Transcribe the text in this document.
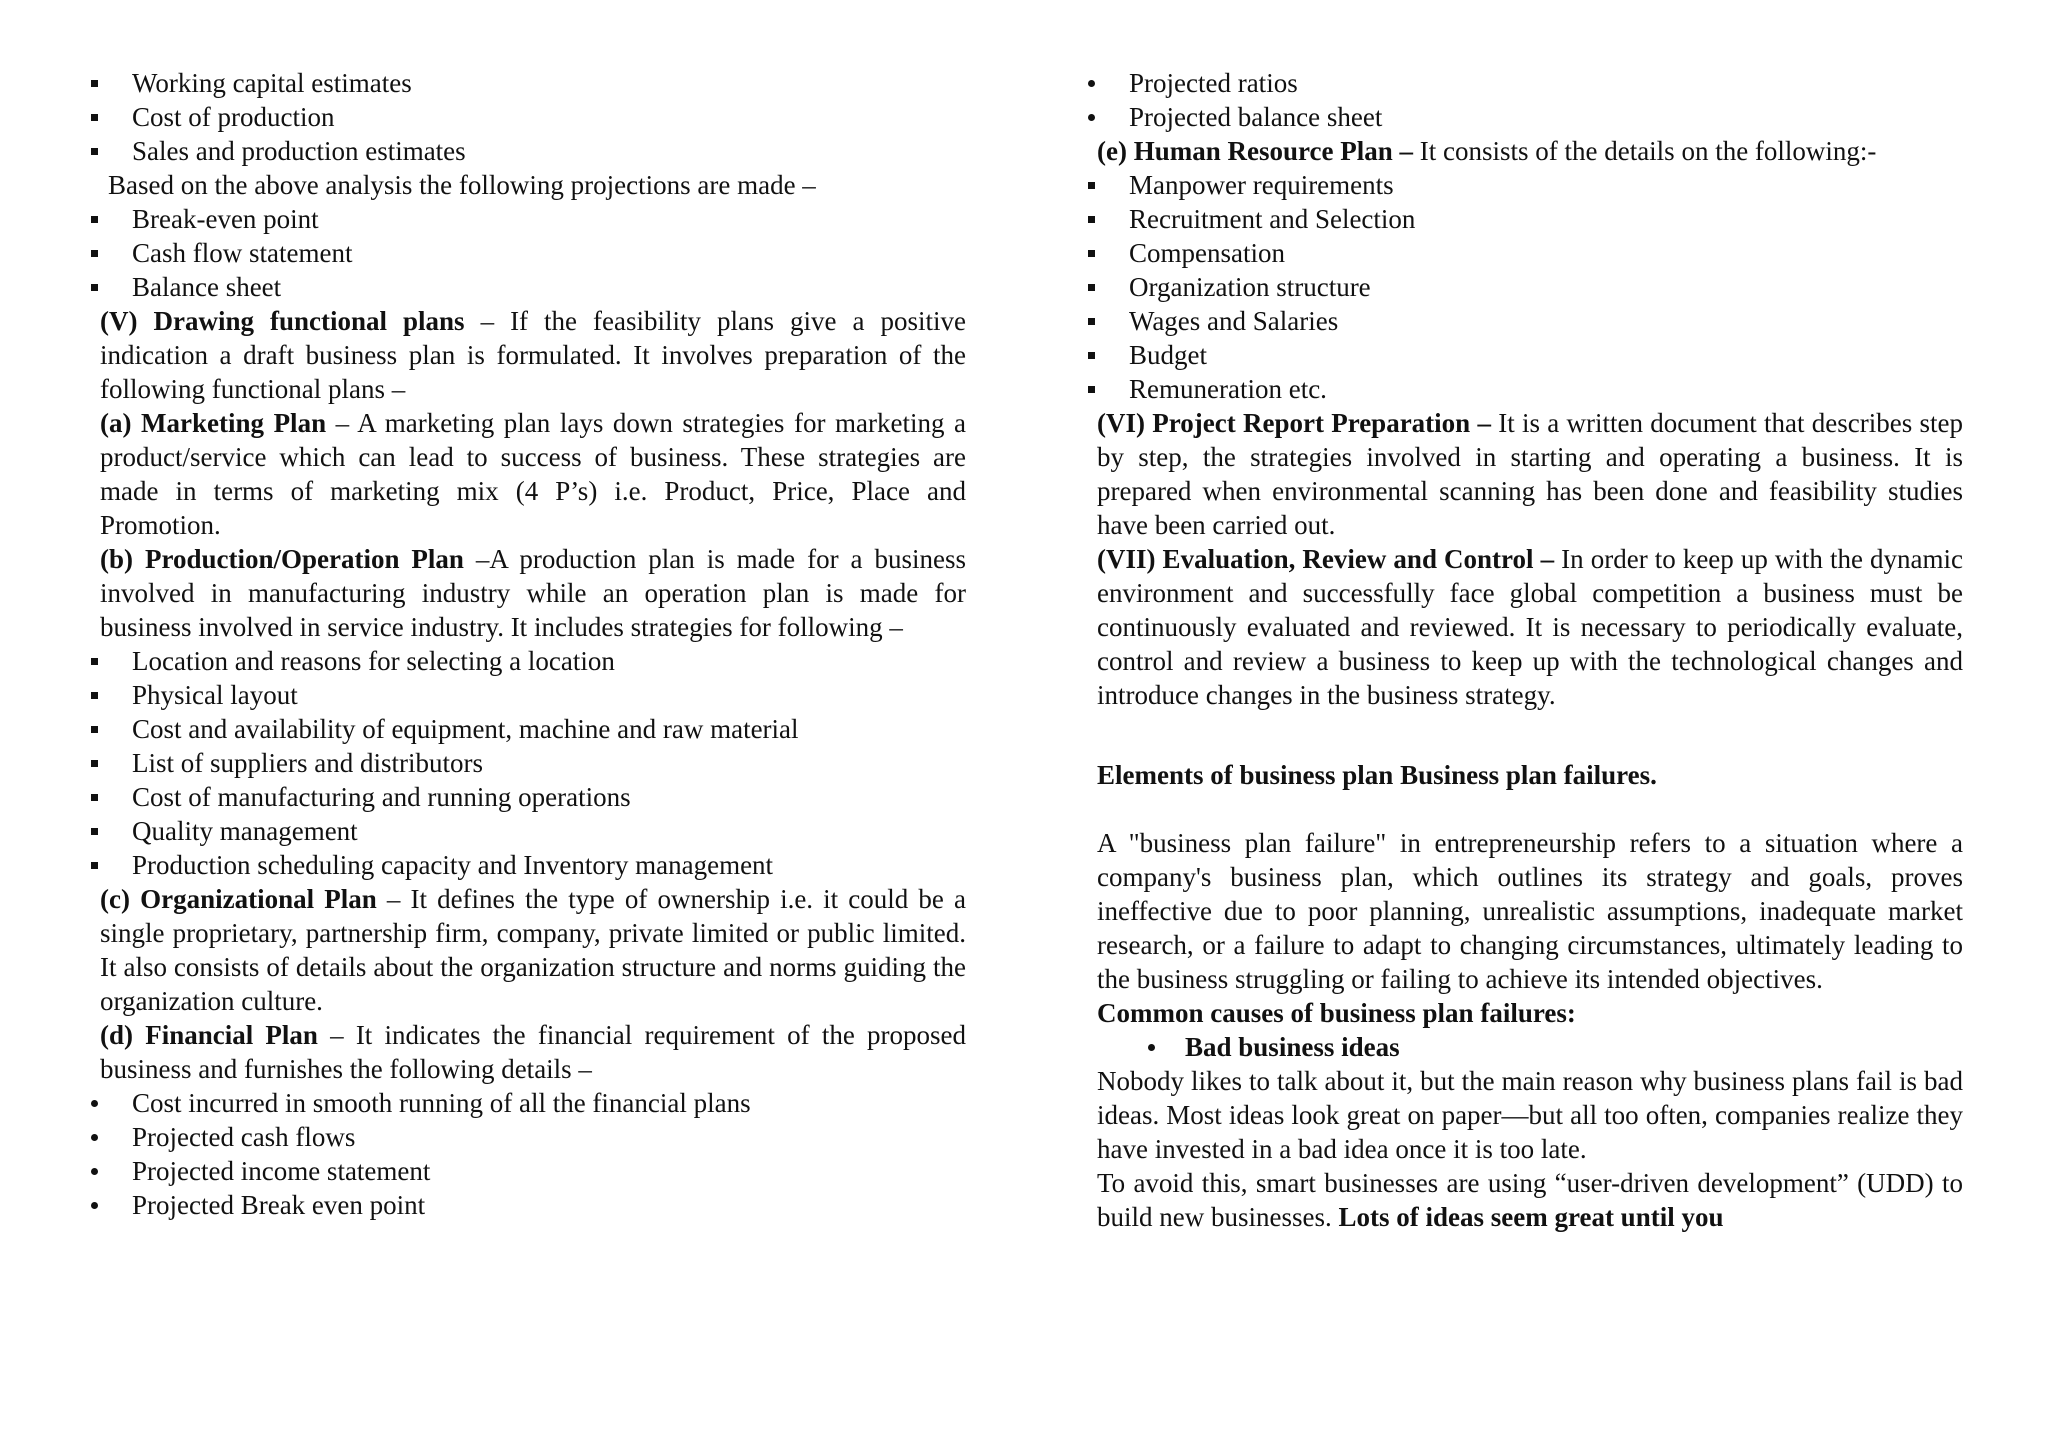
Working capital estimates
Cost of production
Sales and production estimates
Based on the above analysis the following projections are made –
Break-even point
Cash flow statement
Balance sheet
(V) Drawing functional plans – If the feasibility plans give a positive indication a draft business plan is formulated. It involves preparation of the following functional plans –
(a) Marketing Plan – A marketing plan lays down strategies for marketing a product/service which can lead to success of business. These strategies are made in terms of marketing mix (4 P’s) i.e. Product, Price, Place and Promotion.
(b) Production/Operation Plan –A production plan is made for a business involved in manufacturing industry while an operation plan is made for business involved in service industry. It includes strategies for following –
Location and reasons for selecting a location
Physical layout
Cost and availability of equipment, machine and raw material
List of suppliers and distributors
Cost of manufacturing and running operations
Quality management
Production scheduling capacity and Inventory management
(c) Organizational Plan – It defines the type of ownership i.e. it could be a single proprietary, partnership firm, company, private limited or public limited. It also consists of details about the organization structure and norms guiding the organization culture.
(d) Financial Plan – It indicates the financial requirement of the proposed business and furnishes the following details –
Cost incurred in smooth running of all the financial plans
Projected cash flows
Projected income statement
Projected Break even point
Projected ratios
Projected balance sheet
(e) Human Resource Plan – It consists of the details on the following:-
Manpower requirements
Recruitment and Selection
Compensation
Organization structure
Wages and Salaries
Budget
Remuneration etc.
(VI) Project Report Preparation – It is a written document that describes step by step, the strategies involved in starting and operating a business. It is prepared when environmental scanning has been done and feasibility studies have been carried out.
(VII) Evaluation, Review and Control – In order to keep up with the dynamic environment and successfully face global competition a business must be continuously evaluated and reviewed. It is necessary to periodically evaluate, control and review a business to keep up with the technological changes and introduce changes in the business strategy.
Elements of business plan Business plan failures.
A "business plan failure" in entrepreneurship refers to a situation where a company's business plan, which outlines its strategy and goals, proves ineffective due to poor planning, unrealistic assumptions, inadequate market research, or a failure to adapt to changing circumstances, ultimately leading to the business struggling or failing to achieve its intended objectives.
Common causes of business plan failures:
Bad business ideas
Nobody likes to talk about it, but the main reason why business plans fail is bad ideas. Most ideas look great on paper—but all too often, companies realize they have invested in a bad idea once it is too late.
To avoid this, smart businesses are using “user-driven development” (UDD) to build new businesses. Lots of ideas seem great until you
